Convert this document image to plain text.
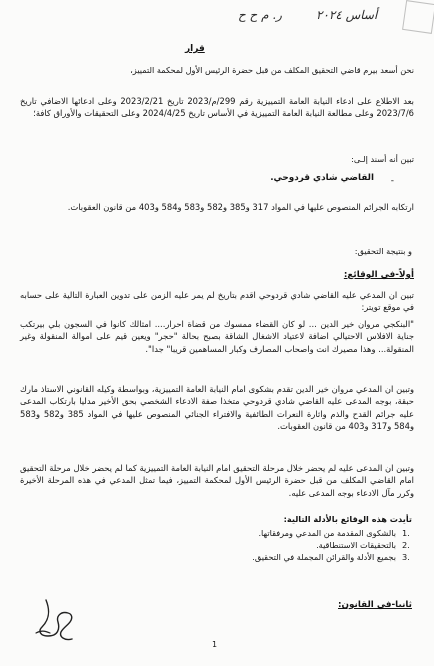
ر. م ح ح	أساس ٢٠٢٤
قرار
نحن أسعد بيرم قاضي التحقيق المكلف من قبل حضرة الرئيس الأول لمحكمة التمييز،
بعد الاطلاع على ادعاء النيابة العامة التمييزية رقم 299/م/2023 تاريخ 2023/2/21 وعلى ادعائها الاضافي تاريخ 2023/7/6 وعلى مطالعة النيابة العامة التمييزية في الأساس تاريخ 2024/4/25 وعلى التحقيقات والأوراق كافة؛
تبين أنه أسند إلـى:
القاضي شادي قردوحي. -
ارتكابه الجرائم المنصوص عليها في المواد 317 و385 و582 و583 و584 و403 من قانون العقوبات.
و بنتيجة التحقيق:
أولاً-في الوقائع:
تبين ان المدعي عليه القاضي شادي قردوحي اقدم بتاريخ لم يمر عليه الزمن على تدوين العبارة التالية على حسابه في موقع تويتر:
"البنكجي مروان خير الدين ... لو كان القضاء ممسوك من قضاة احرار.... امثالك كانوا في السجون بلي بيرتكب جناية الافلاس الاحتيالي اضافة لاعتياد الاشغال الشاقة بصبح بحالة "حجر" ويعين قيم على اموالة المنقولة وغير المنقولة... وهذا مصيرك انت واصحاب المصارف وكبار المساهمين قريبا" جدا".
وتبين ان المدعي مروان خير الدين تقدم بشكوى امام النيابة العامة التمييزية، وبواسطة وكيله القانوني الاستاذ مارك حبقة، بوجه المدعى عليه القاضي شادي قردوحي متخذا صفة الادعاء الشخصي بحق الأخير مدليا بارتكاب المدعى عليه جرائم القدح والذم واثارة النعرات الطائفية والافتراء الجنائي المنصوص عليها في المواد 385 و582 و583 و584 و317 و403 من قانون العقوبات.
وتبين ان المدعى عليه لم يحضر خلال مرحلة التحقيق امام النيابة العامة التمييزية كما لم يحضر خلال مرحلة التحقيق امام القاضي المكلف من قبل حضرة الرئيس الأول لمحكمة التمييز، فيما تمثل المدعي في هذه المرحلة الأخيرة وكرر مآل الادعاء بوجه المدعى عليه.
تأيدت هذه الوقائع بالأدلة التالية:
1.
بالشكوى المقدمة من المدعي ومرفقاتها.
2.
بالتحقيقات الاستنطاقية.
3.
بجميع الأدلة والقرائن المجملة في التحقيق.
ثانيا-في القانون:
1
